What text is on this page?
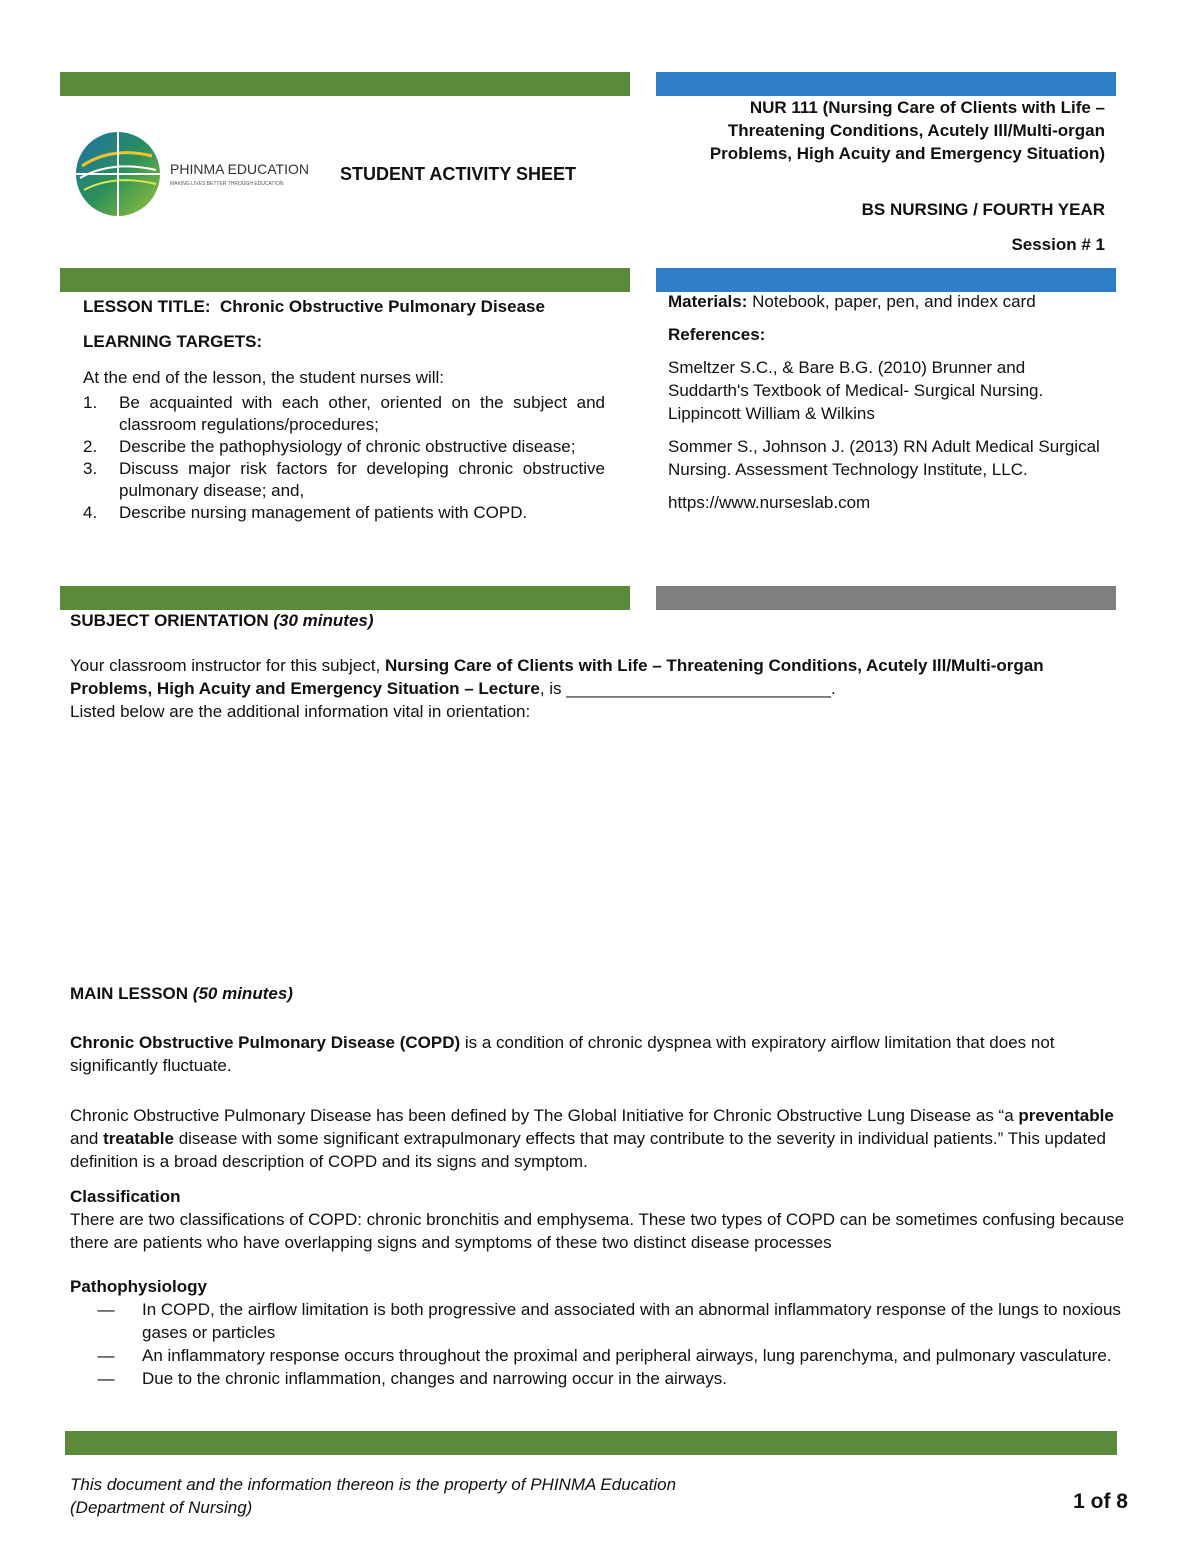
PHINMA EDUCATION
MAKING LIVES BETTER THROUGH EDUCATION	STUDENT ACTIVITY SHEET
NUR 111 (Nursing Care of Clients with Life – Threatening Conditions, Acutely Ill/Multi-organ Problems, High Acuity and Emergency Situation)
BS NURSING / FOURTH YEAR
Session # 1

LESSON TITLE: Chronic Obstructive Pulmonary Disease

LEARNING TARGETS:

At the end of the lesson, the student nurses will:

1.	Be acquainted with each other, oriented on the subject and classroom regulations/procedures;
2.	Describe the pathophysiology of chronic obstructive disease;
3.	Discuss major risk factors for developing chronic obstructive pulmonary disease; and,
4.	Describe nursing management of patients with COPD.

Materials: Notebook, paper, pen, and index card

References:

Smeltzer S.C., & Bare B.G. (2010) Brunner and Suddarth's Textbook of Medical- Surgical Nursing. Lippincott William & Wilkins

Sommer S., Johnson J. (2013) RN Adult Medical Surgical Nursing. Assessment Technology Institute, LLC.

https://www.nurseslab.com

SUBJECT ORIENTATION (30 minutes)

Your classroom instructor for this subject, Nursing Care of Clients with Life – Threatening Conditions, Acutely Ill/Multi-organ Problems, High Acuity and Emergency Situation – Lecture, is ____________________________.

Listed below are the additional information vital in orientation:

MAIN LESSON (50 minutes)

Chronic Obstructive Pulmonary Disease (COPD) is a condition of chronic dyspnea with expiratory airflow limitation that does not significantly fluctuate.

Chronic Obstructive Pulmonary Disease has been defined by The Global Initiative for Chronic Obstructive Lung Disease as “a preventable and treatable disease with some significant extrapulmonary effects that may contribute to the severity in individual patients.” This updated definition is a broad description of COPD and its signs and symptom.

Classification

There are two classifications of COPD: chronic bronchitis and emphysema. These two types of COPD can be sometimes confusing because there are patients who have overlapping signs and symptoms of these two distinct disease processes

Pathophysiology

—	In COPD, the airflow limitation is both progressive and associated with an abnormal inflammatory response of the lungs to noxious gases or particles
—	An inflammatory response occurs throughout the proximal and peripheral airways, lung parenchyma, and pulmonary vasculature.
—	Due to the chronic inflammation, changes and narrowing occur in the airways.
This document and the information thereon is the property of PHINMA Education (Department of Nursing)	1 of 8
